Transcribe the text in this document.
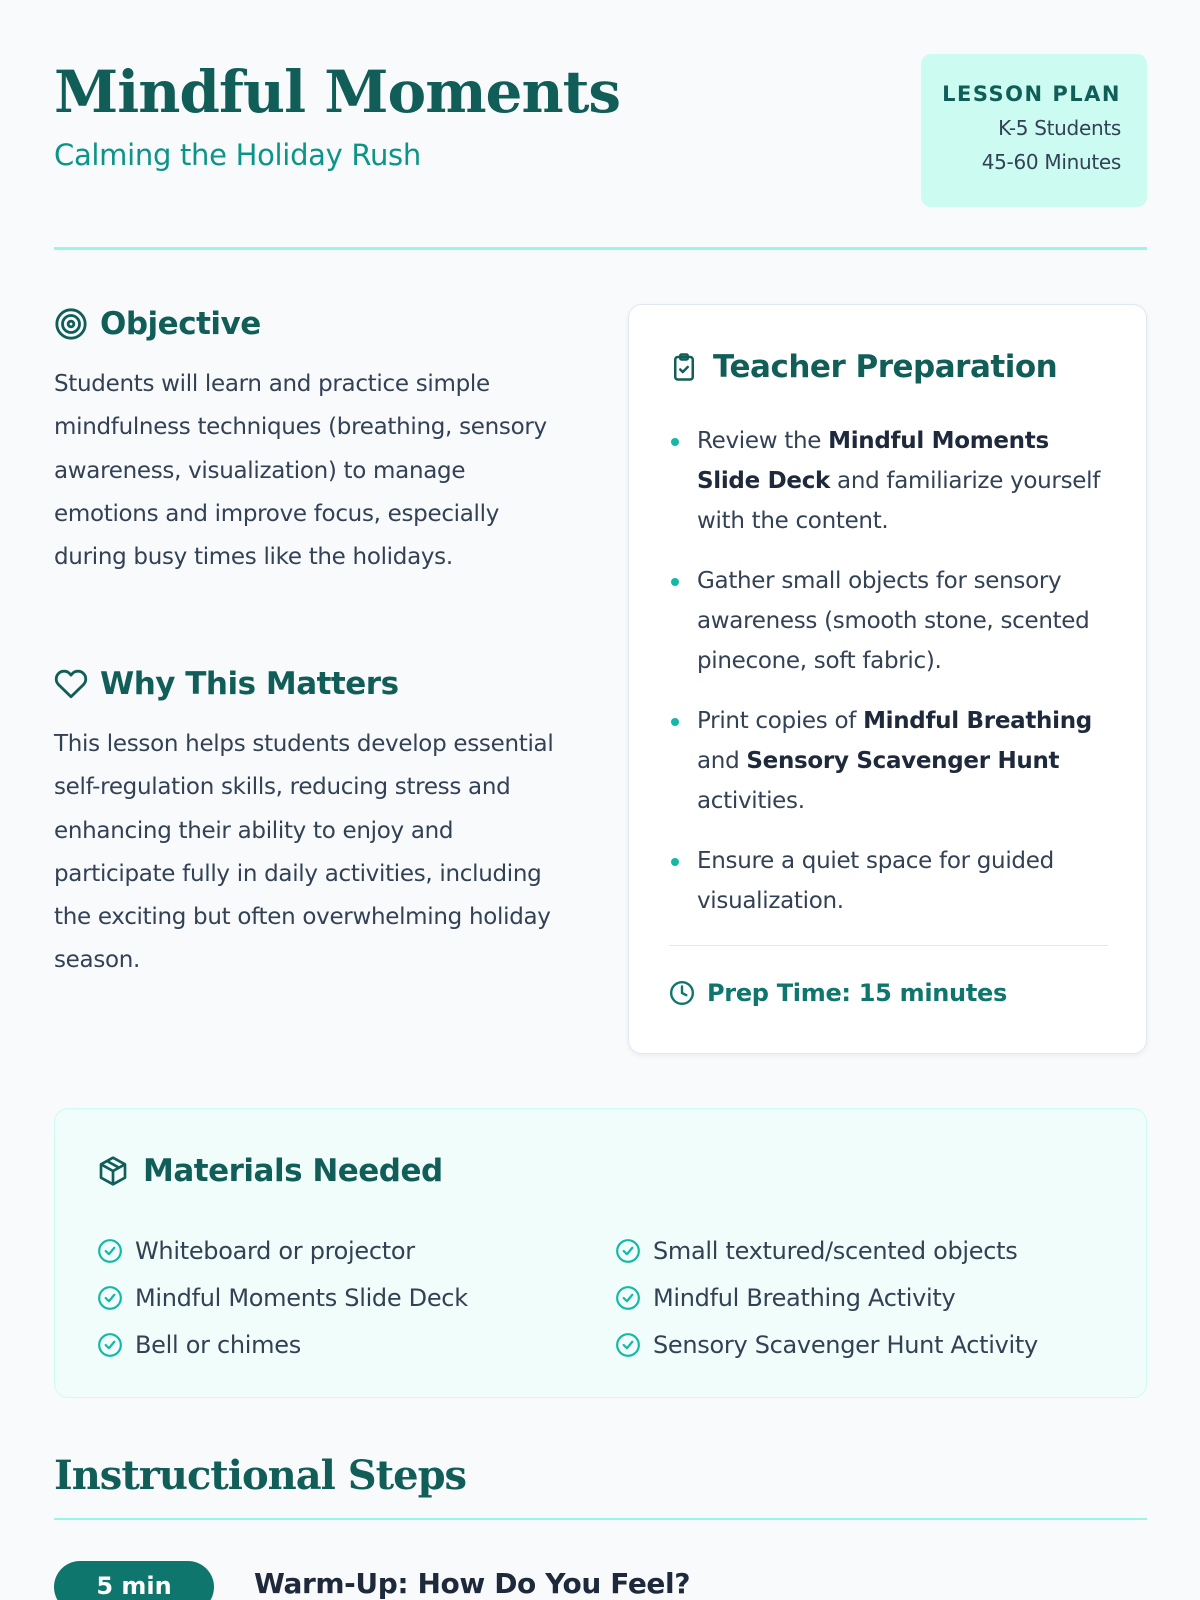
Mindful Moments
Calming the Holiday Rush
LESSON PLAN
K-5 Students
45-60 Minutes
Objective

Students will learn and practice simple mindfulness techniques (breathing, sensory awareness, visualization) to manage emotions and improve focus, especially during busy times like the holidays.

Why This Matters

This lesson helps students develop essential self-regulation skills, reducing stress and enhancing their ability to enjoy and participate fully in daily activities, including the exciting but often overwhelming holiday season.

Teacher Preparation
Review the Mindful Moments Slide Deck and familiarize yourself with the content.
Gather small objects for sensory awareness (smooth stone, scented pinecone, soft fabric).
Print copies of Mindful Breathing and Sensory Scavenger Hunt activities.
Ensure a quiet space for guided visualization.
Prep Time: 15 minutes
Materials Needed
Whiteboard or projector
Mindful Moments Slide Deck
Bell or chimes
Small textured/scented objects
Mindful Breathing Activity
Sensory Scavenger Hunt Activity
Instructional Steps
5 min	Warm-Up: How Do You Feel?
